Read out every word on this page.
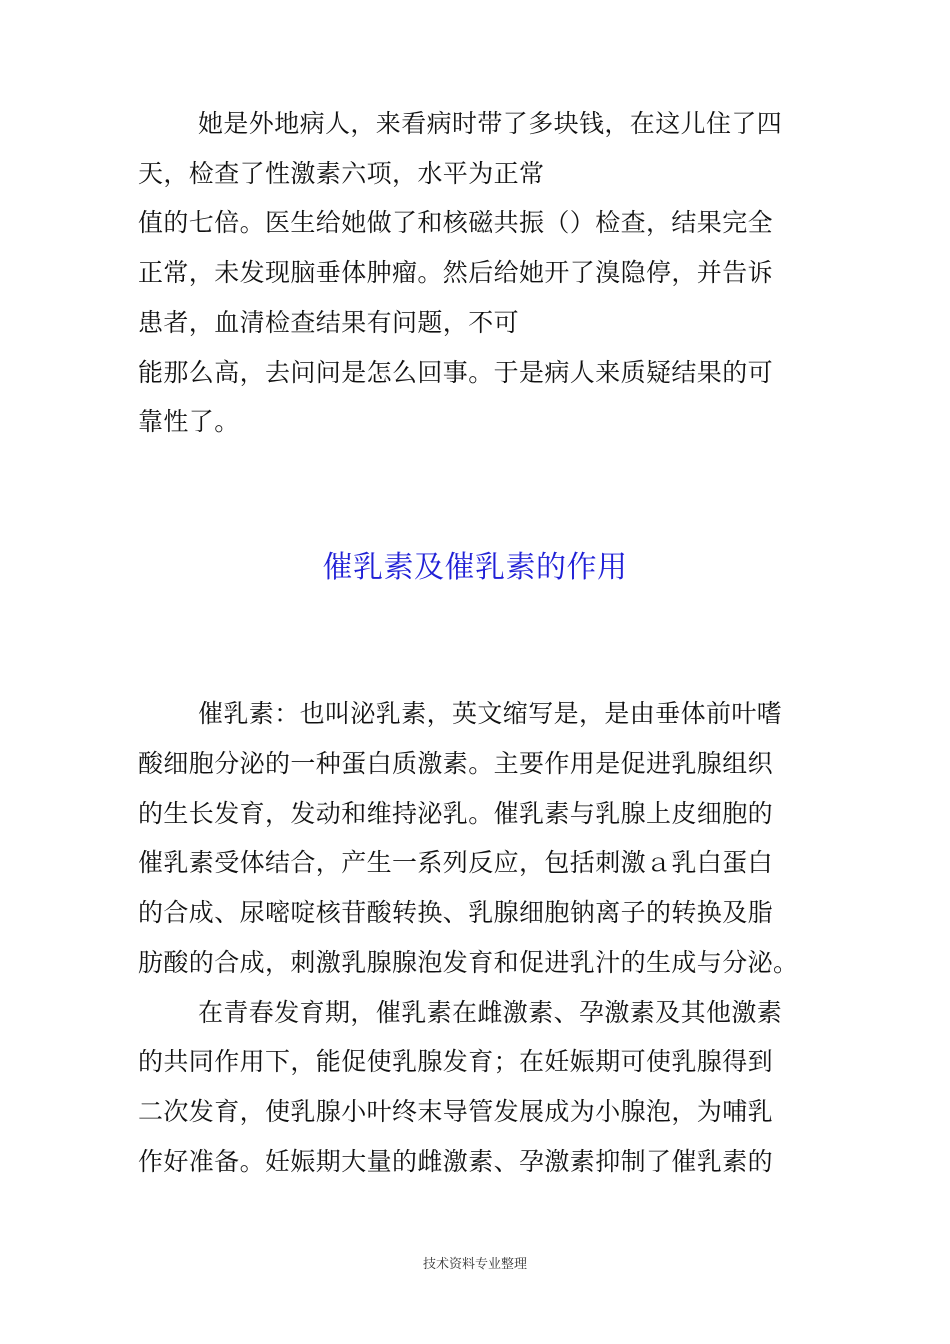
她是外地病人，来看病时带了多块钱，在这儿住了四
天，检查了性激素六项，水平为正常
值的七倍。医生给她做了和核磁共振（）检查，结果完全
正常，未发现脑垂体肿瘤。然后给她开了溴隐停，并告诉
患者，血清检查结果有问题，不可
能那么高，去问问是怎么回事。于是病人来质疑结果的可
靠性了。
催乳素及催乳素的作用
催乳素：也叫泌乳素，英文缩写是，是由垂体前叶嗜
酸细胞分泌的一种蛋白质激素。主要作用是促进乳腺组织
的生长发育，发动和维持泌乳。催乳素与乳腺上皮细胞的
催乳素受体结合，产生一系列反应，包括刺激ａ乳白蛋白
的合成、尿嘧啶核苷酸转换、乳腺细胞钠离子的转换及脂
肪酸的合成，刺激乳腺腺泡发育和促进乳汁的生成与分泌。
在青春发育期，催乳素在雌激素、孕激素及其他激素
的共同作用下，能促使乳腺发育；在妊娠期可使乳腺得到
二次发育，使乳腺小叶终末导管发展成为小腺泡，为哺乳
作好准备。妊娠期大量的雌激素、孕激素抑制了催乳素的
技术资料专业整理
